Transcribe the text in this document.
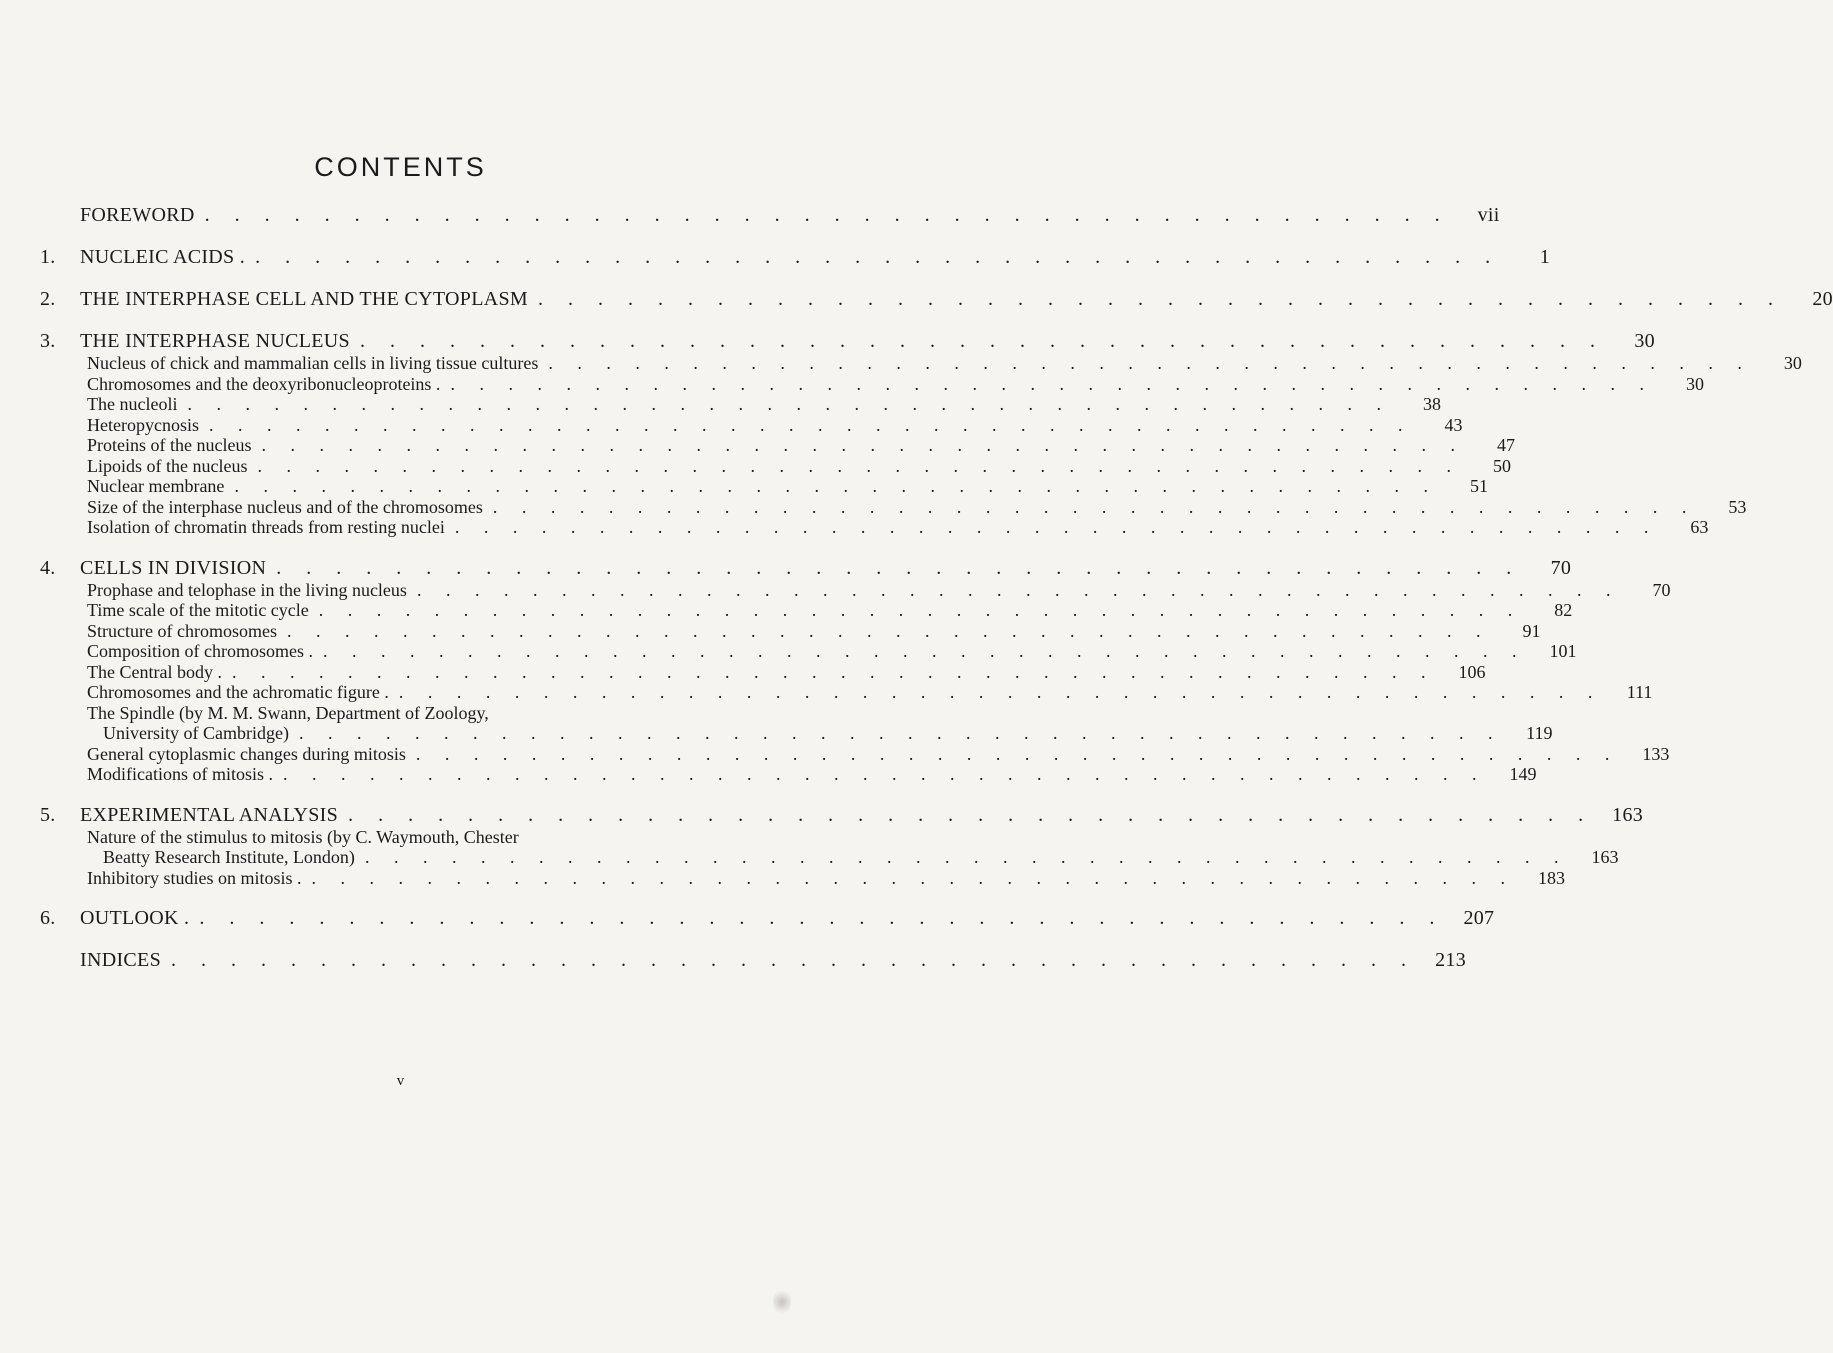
CONTENTS
FOREWORD . . . . . . . . . . . . . . . . . . . . . . . . . . . . . . . . . . . . . . . . . .	vii
1.	NUCLEIC ACIDS . . . . . . . . . . . . . . . . . . . . . . . . . . . . . . . . . . . . . . . . . . .	1
2.	THE INTERPHASE CELL AND THE CYTOPLASM . . . . . . . . . . . . . . . . . . . . . . . . . . . . . . . . . . . . . . . . . .	20
3.	THE INTERPHASE NUCLEUS . . . . . . . . . . . . . . . . . . . . . . . . . . . . . . . . . . . . . . . . . .	30
Nucleus of chick and mammalian cells in living tissue cultures . . . . . . . . . . . . . . . . . . . . . . . . . . . . . . . . . . . . . . . . . .	30
Chromosomes and the deoxyribonucleoproteins . . . . . . . . . . . . . . . . . . . . . . . . . . . . . . . . . . . . . . . . . . .	30
The nucleoli . . . . . . . . . . . . . . . . . . . . . . . . . . . . . . . . . . . . . . . . . .	38
Heteropycnosis . . . . . . . . . . . . . . . . . . . . . . . . . . . . . . . . . . . . . . . . . .	43
Proteins of the nucleus . . . . . . . . . . . . . . . . . . . . . . . . . . . . . . . . . . . . . . . . . .	47
Lipoids of the nucleus . . . . . . . . . . . . . . . . . . . . . . . . . . . . . . . . . . . . . . . . . .	50
Nuclear membrane . . . . . . . . . . . . . . . . . . . . . . . . . . . . . . . . . . . . . . . . . .	51
Size of the interphase nucleus and of the chromosomes . . . . . . . . . . . . . . . . . . . . . . . . . . . . . . . . . . . . . . . . . .	53
Isolation of chromatin threads from resting nuclei . . . . . . . . . . . . . . . . . . . . . . . . . . . . . . . . . . . . . . . . . .	63
4.	CELLS IN DIVISION . . . . . . . . . . . . . . . . . . . . . . . . . . . . . . . . . . . . . . . . . .	70
Prophase and telophase in the living nucleus . . . . . . . . . . . . . . . . . . . . . . . . . . . . . . . . . . . . . . . . . .	70
Time scale of the mitotic cycle . . . . . . . . . . . . . . . . . . . . . . . . . . . . . . . . . . . . . . . . . .	82
Structure of chromosomes . . . . . . . . . . . . . . . . . . . . . . . . . . . . . . . . . . . . . . . . . .	91
Composition of chromosomes . . . . . . . . . . . . . . . . . . . . . . . . . . . . . . . . . . . . . . . . . . .	101
The Central body . . . . . . . . . . . . . . . . . . . . . . . . . . . . . . . . . . . . . . . . . . .	106
Chromosomes and the achromatic figure . . . . . . . . . . . . . . . . . . . . . . . . . . . . . . . . . . . . . . . . . . .	111
The Spindle (by M. M. Swann, Department of Zoology,
University of Cambridge) . . . . . . . . . . . . . . . . . . . . . . . . . . . . . . . . . . . . . . . . . .	119
General cytoplasmic changes during mitosis . . . . . . . . . . . . . . . . . . . . . . . . . . . . . . . . . . . . . . . . . .	133
Modifications of mitosis . . . . . . . . . . . . . . . . . . . . . . . . . . . . . . . . . . . . . . . . . . .	149
5.	EXPERIMENTAL ANALYSIS . . . . . . . . . . . . . . . . . . . . . . . . . . . . . . . . . . . . . . . . . . 163
Nature of the stimulus to mitosis (by C. Waymouth, Chester
Beatty Research Institute, London) . . . . . . . . . . . . . . . . . . . . . . . . . . . . . . . . . . . . . . . . . .	163
Inhibitory studies on mitosis . . . . . . . . . . . . . . . . . . . . . . . . . . . . . . . . . . . . . . . . . . .	183
6.	OUTLOOK . . . . . . . . . . . . . . . . . . . . . . . . . . . . . . . . . . . . . . . . . . . 207
INDICES . . . . . . . . . . . . . . . . . . . . . . . . . . . . . . . . . . . . . . . . . . 213
v
